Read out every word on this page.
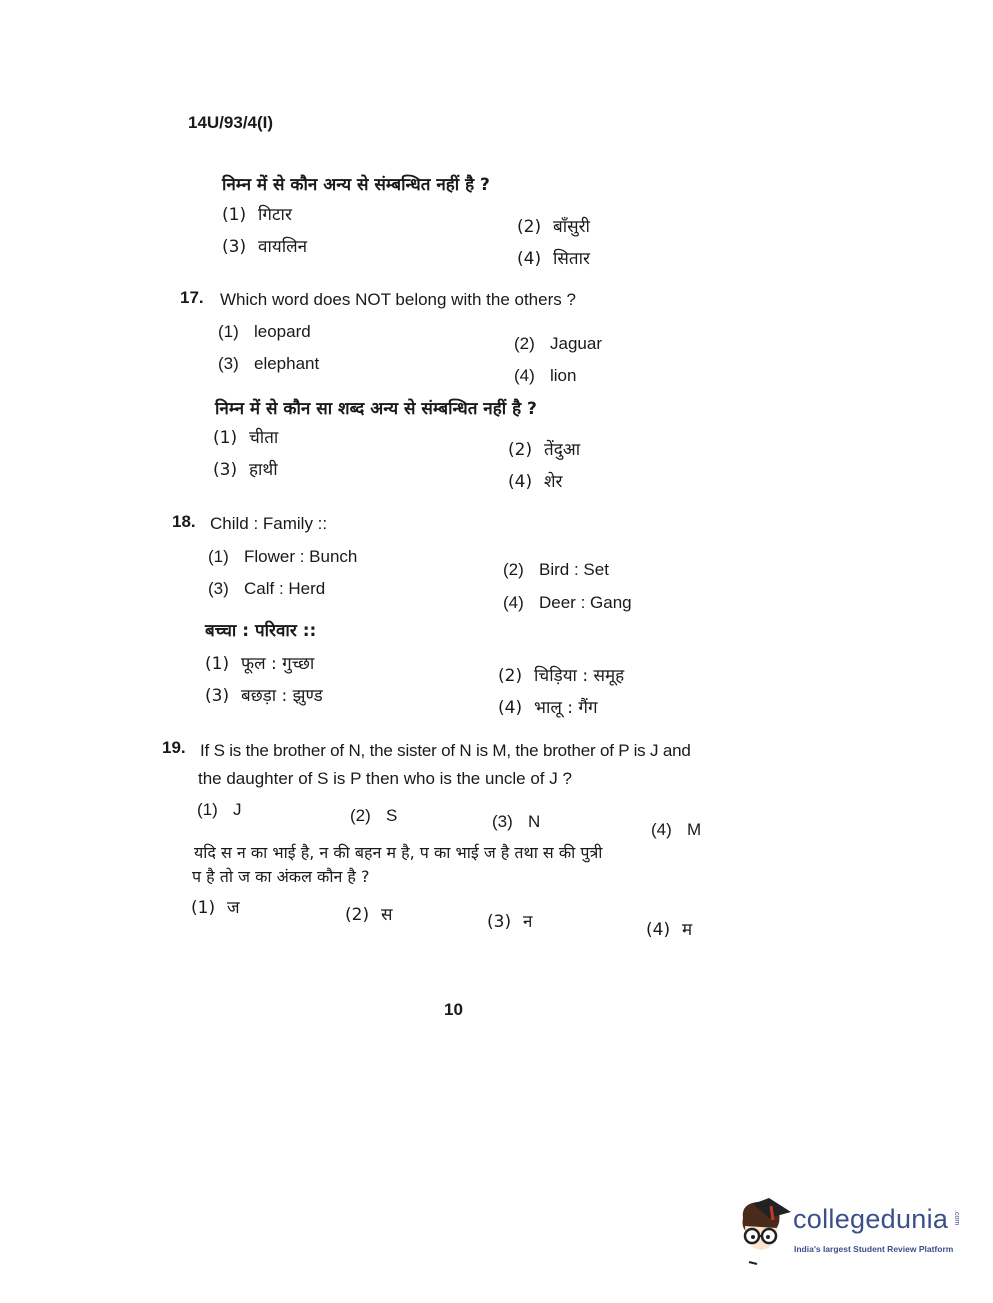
14U/93/4(I)
निम्न में से कौन अन्य से संम्बन्धित नहीं है ?
(1) गिटार
(2) बाँसुरी
(3) वायलिन
(4) सितार
17. Which word does NOT belong with the others ?
(1) leopard
(2) Jaguar
(3) elephant
(4) lion
निम्न में से कौन सा शब्द अन्य से संम्बन्धित नहीं है ?
(1) चीता
(2) तेंदुआ
(3) हाथी
(4) शेर
18. Child : Family ::
(1) Flower : Bunch
(2) Bird : Set
(3) Calf : Herd
(4) Deer : Gang
बच्चा : परिवार ::
(1) फूल : गुच्छा
(2) चिड़िया : समूह
(3) बछड़ा : झुण्ड
(4) भालू : गैंग
19. If S is the brother of N, the sister of N is M, the brother of P is J and
the daughter of S is P then who is the uncle of J ?
(1) J	(2) S	(3) N	(4) M
यदि स न का भाई है, न की बहन म है, प का भाई ज है तथा स की पुत्री
प है तो ज का अंकल कौन है ?
(1) ज	(2) स	(3) न	(4) म
10
collegedunia .com
India's largest Student Review Platform
